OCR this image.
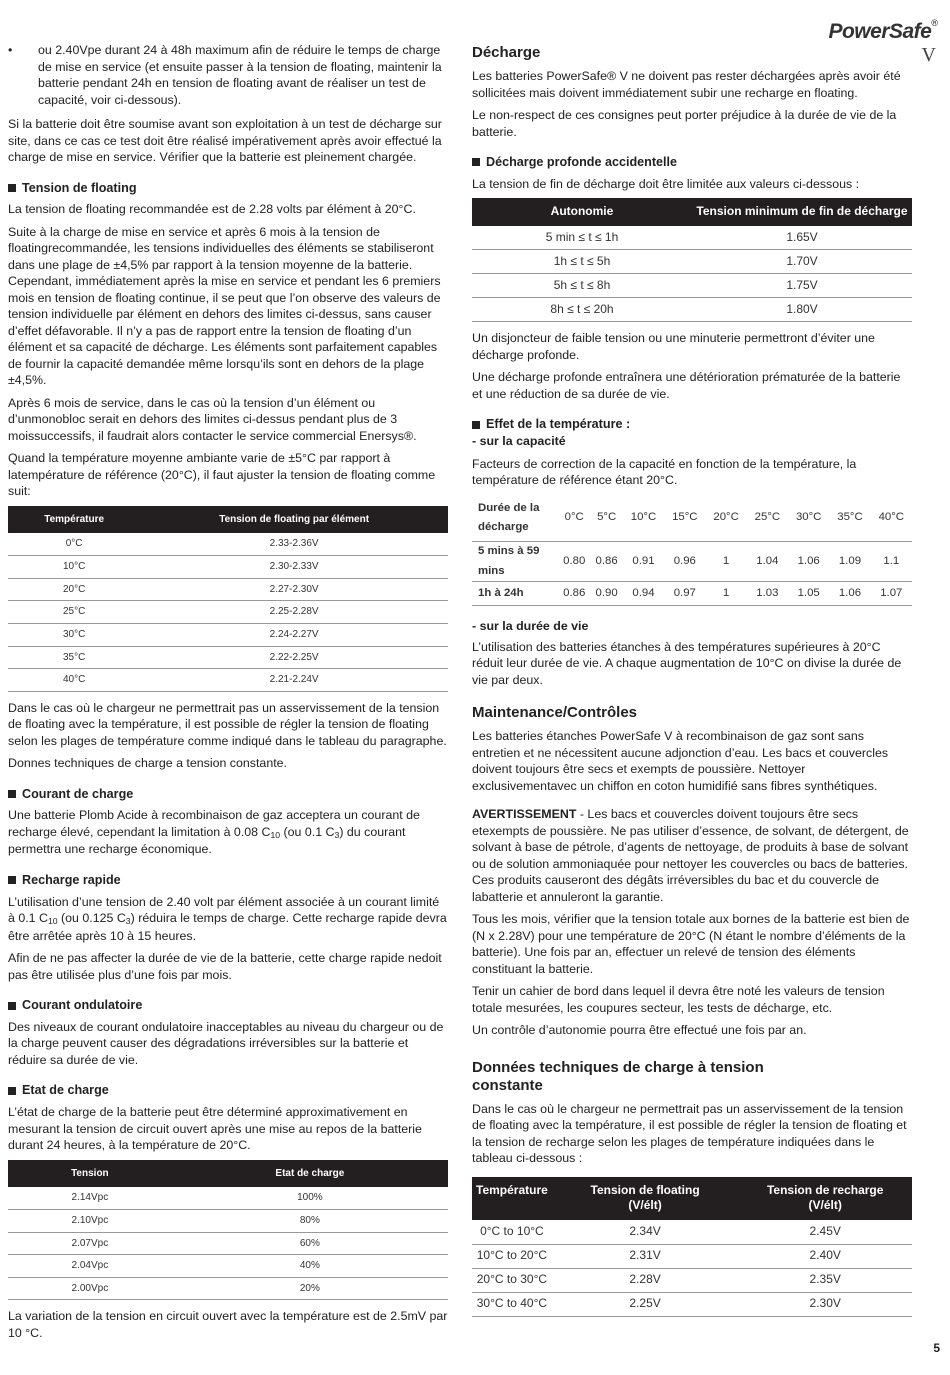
PowerSafe®
V
•	ou 2.40Vpe durant 24 à 48h maximum afin de réduire le temps de charge de mise en service (et ensuite passer à la tension de floating, maintenir la batterie pendant 24h en tension de floating avant de réaliser un test de capacité, voir ci-dessous).

Si la batterie doit être soumise avant son exploitation à un test de décharge sur site, dans ce cas ce test doit être réalisé impérativement après avoir effectué la charge de mise en service. Vérifier que la batterie est pleinement chargée.

Tension de floating

La tension de floating recommandée est de 2.28 volts par élément à 20°C.

Suite à la charge de mise en service et après 6 mois à la tension de floatingrecommandée, les tensions individuelles des éléments se stabiliseront dans une plage de ±4,5% par rapport à la tension moyenne de la batterie. Cependant, immédiatement après la mise en service et pendant les 6 premiers mois en tension de floating continue, il se peut que l’on observe des valeurs de tension individuelle par élément en dehors des limites ci-dessus, sans causer d’effet défavorable. Il n’y a pas de rapport entre la tension de floating d’un élément et sa capacité de décharge. Les éléments sont parfaitement capables de fournir la capacité demandée même lorsqu’ils sont en dehors de la plage ±4,5%.

Après 6 mois de service, dans le cas où la tension d’un élément ou d’unmonobloc serait en dehors des limites ci-dessus pendant plus de 3 moissuccessifs, il faudrait alors contacter le service commercial Enersys®.

Quand la température moyenne ambiante varie de ±5°C par rapport à latempérature de référence (20°C), il faut ajuster la tension de floating comme suit:

Température	Tension de floating par élément
0°C	2.33-2.36V
10°C	2.30-2.33V
20°C	2.27-2.30V
25°C	2.25-2.28V
30°C	2.24-2.27V
35°C	2.22-2.25V
40°C	2.21-2.24V

Dans le cas où le chargeur ne permettrait pas un asservissement de la tension de floating avec la température, il est possible de régler la tension de floating selon les plages de température comme indiqué dans le tableau du paragraphe.

Donnes techniques de charge a tension constante.

Courant de charge

Une batterie Plomb Acide à recombinaison de gaz acceptera un courant de recharge élevé, cependant la limitation à 0.08 $C_{10}$ (ou 0.1 $C_3$) du courant permettra une recharge économique.

Recharge rapide

L’utilisation d’une tension de 2.40 volt par élément associée à un courant limité à 0.1 $C_{10}$ (ou 0.125 $C_3$) réduira le temps de charge. Cette recharge rapide devra être arrêtée après 10 à 15 heures.

Afin de ne pas affecter la durée de vie de la batterie, cette charge rapide nedoit pas être utilisée plus d’une fois par mois.

Courant ondulatoire

Des niveaux de courant ondulatoire inacceptables au niveau du chargeur ou de la charge peuvent causer des dégradations irréversibles sur la batterie et réduire sa durée de vie.

Etat de charge

L’état de charge de la batterie peut être déterminé approximativement en mesurant la tension de circuit ouvert après une mise au repos de la batterie durant 24 heures, à la température de 20°C.

Tension	Etat de charge
2.14Vpc	100%
2.10Vpc	80%
2.07Vpc	60%
2.04Vpc	40%
2.00Vpc	20%

La variation de la tension en circuit ouvert avec la température est de 2.5mV par 10 °C.

Décharge

Les batteries PowerSafe® V ne doivent pas rester déchargées après avoir été sollicitées mais doivent immédiatement subir une recharge en floating.

Le non-respect de ces consignes peut porter préjudice à la durée de vie de la batterie.

Décharge profonde accidentelle

La tension de fin de décharge doit être limitée aux valeurs ci-dessous :

Autonomie	Tension minimum de fin de décharge
5 min ≤ t ≤ 1h	1.65V
1h ≤ t ≤ 5h	1.70V
5h ≤ t ≤ 8h	1.75V
8h ≤ t ≤ 20h	1.80V

Un disjoncteur de faible tension ou une minuterie permettront d’éviter une décharge profonde.

Une décharge profonde entraînera une détérioration prématurée de la batterie et une réduction de sa durée de vie.

Effet de la température :

- sur la capacité

Facteurs de correction de la capacité en fonction de la température, la température de référence étant 20°C.

Durée de la décharge	0°C	5°C	10°C	15°C	20°C	25°C	30°C	35°C	40°C
5 mins à 59 mins	0.80	0.86	0.91	0.96	1	1.04	1.06	1.09	1.1
1h à 24h	0.86	0.90	0.94	0.97	1	1.03	1.05	1.06	1.07

- sur la durée de vie

L’utilisation des batteries étanches à des températures supérieures à 20°C réduit leur durée de vie. A chaque augmentation de 10°C on divise la durée de vie par deux.

Maintenance/Contrôles

Les batteries étanches PowerSafe V à recombinaison de gaz sont sans entretien et ne nécessitent aucune adjonction d’eau. Les bacs et couvercles doivent toujours être secs et exempts de poussière. Nettoyer exclusivementavec un chiffon en coton humidifié sans fibres synthétiques.

AVERTISSEMENT - Les bacs et couvercles doivent toujours être secs etexempts de poussière. Ne pas utiliser d’essence, de solvant, de détergent, de solvant à base de pétrole, d’agents de nettoyage, de produits à base de solvant ou de solution ammoniaquée pour nettoyer les couvercles ou bacs de batteries. Ces produits causeront des dégâts irréversibles du bac et du couvercle de labatterie et annuleront la garantie.

Tous les mois, vérifier que la tension totale aux bornes de la batterie est bien de (N x 2.28V) pour une température de 20°C (N étant le nombre d’éléments de la batterie). Une fois par an, effectuer un relevé de tension des éléments constituant la batterie.

Tenir un cahier de bord dans lequel il devra être noté les valeurs de tension totale mesurées, les coupures secteur, les tests de décharge, etc.

Un contrôle d’autonomie pourra être effectué une fois par an.

Données techniques de charge à tension constante

Dans le cas où le chargeur ne permettrait pas un asservissement de la tension de floating avec la température, il est possible de régler la tension de floating et la tension de recharge selon les plages de température indiquées dans le tableau ci-dessous :

Température	Tension de floating (V/élt)	Tension de recharge (V/élt)
0°C to 10°C	2.34V	2.45V
10°C to 20°C	2.31V	2.40V
20°C to 30°C	2.28V	2.35V
30°C to 40°C	2.25V	2.30V
5
